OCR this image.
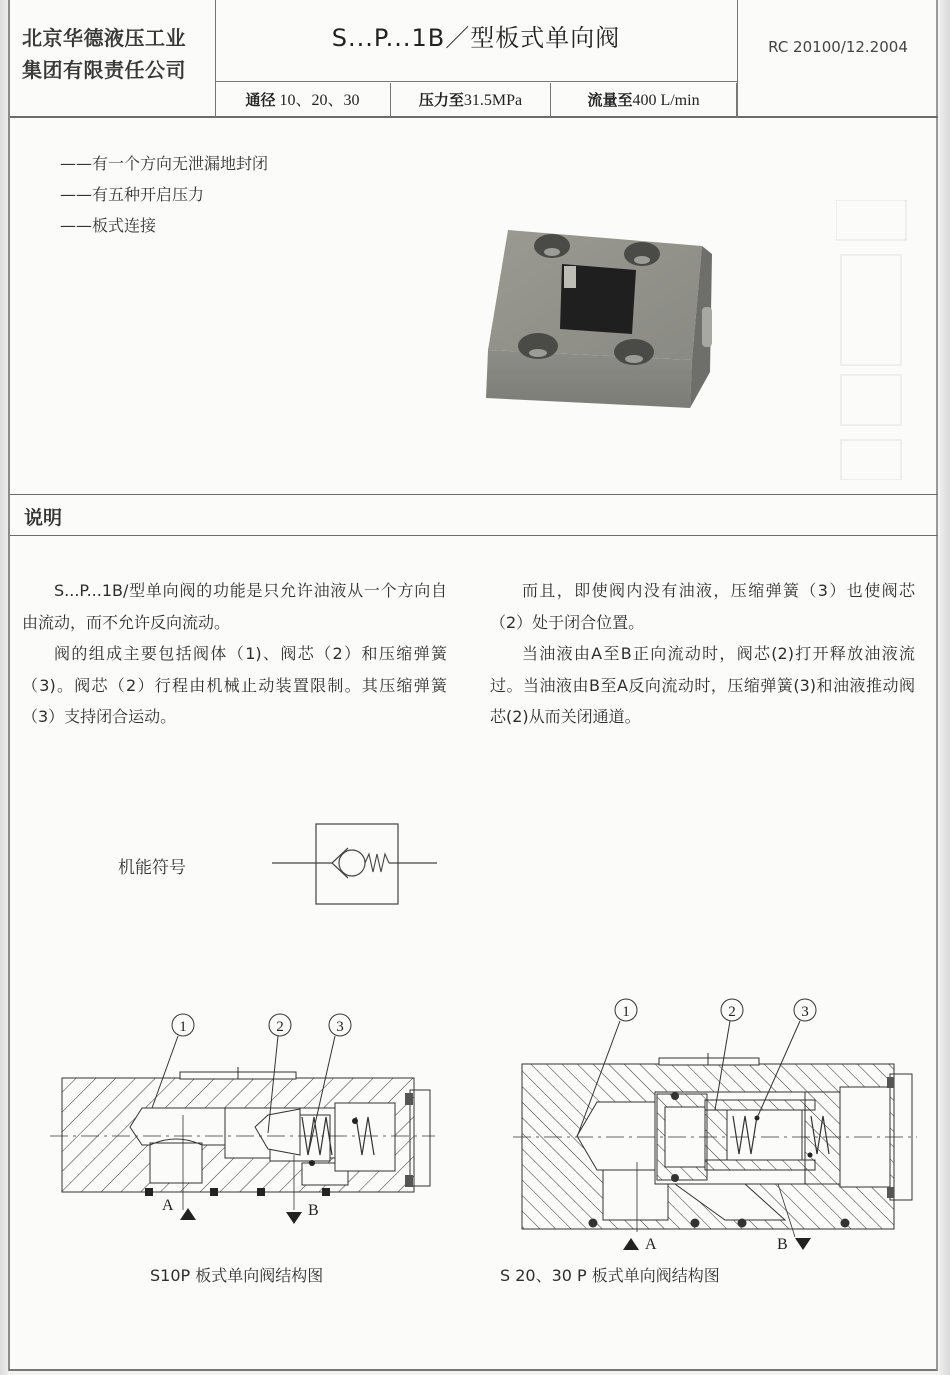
北京华德液压工业
集团有限责任公司
S...P...1B／型板式单向阀	RC 20100/12.2004
通径 10、20、30	压力至31.5MPa	流量至400 L/min
——有一个方向无泄漏地封闭
——有五种开启压力
——板式连接
说明

S...P...1B/型单向阀的功能是只允许油液从一个方向自由流动，而不允许反向流动。

阀的组成主要包括阀体（1)、阀芯（2）和压缩弹簧（3)。阀芯（2）行程由机械止动装置限制。其压缩弹簧（3）支持闭合运动。

而且，即使阀内没有油液，压缩弹簧（3）也使阀芯（2）处于闭合位置。

当油液由A至B正向流动时，阀芯(2)打开释放油液流过。当油液由B至A反向流动时，压缩弹簧(3)和油液推动阀芯(2)从而关闭通道。

机能符号
1	2	3
A	B
1	2	3
A	B
S10P 板式单向阀结构图	S 20、30 P 板式单向阀结构图
